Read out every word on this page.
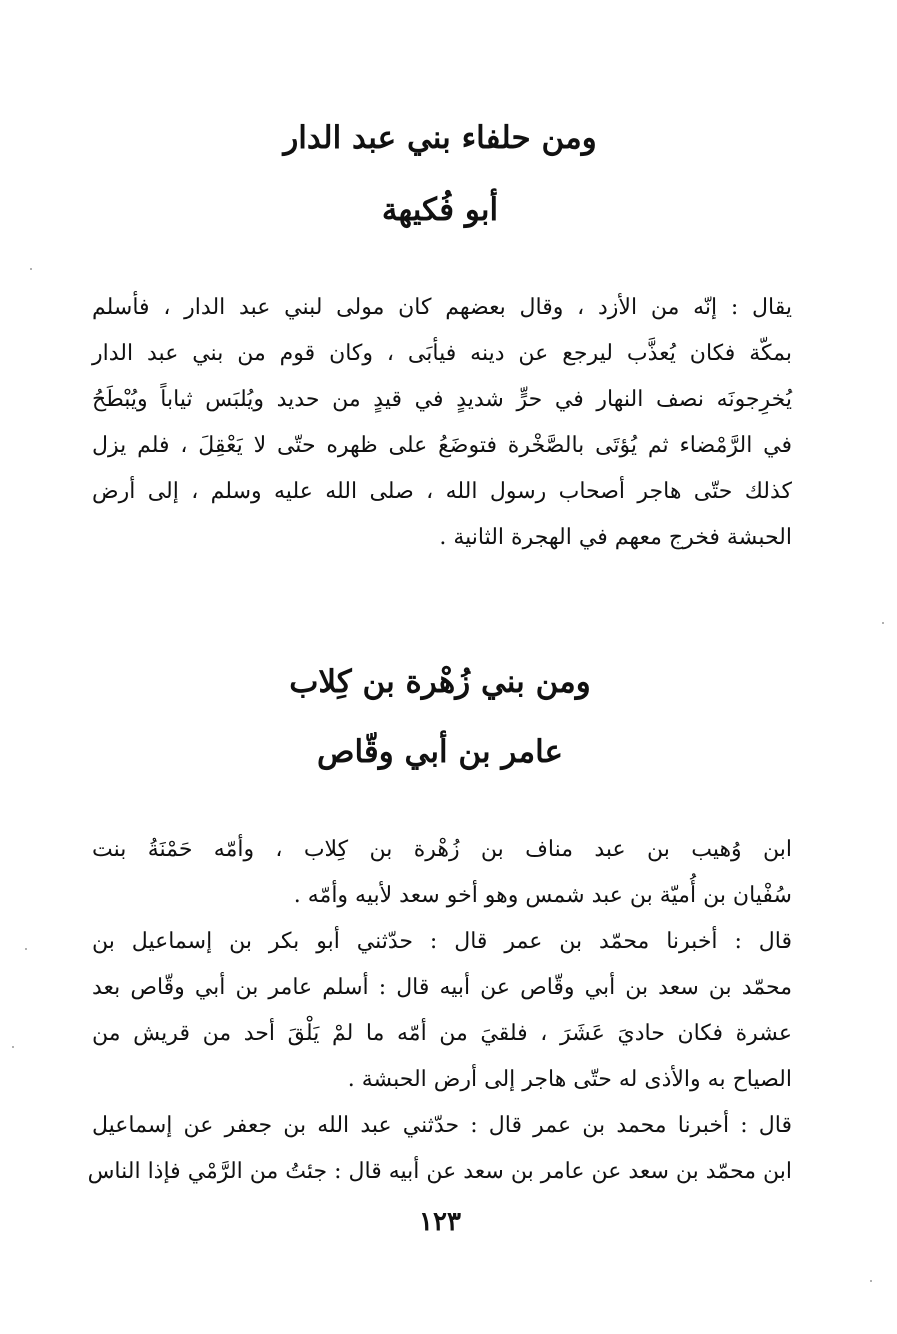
ومن حلفاء بني عبد الدار
أبو فُكيهة
يقال : إنّه من الأزد ، وقال بعضهم كان مولى لبني عبد الدار ، فأسلم
بمكّة فكان يُعذَّب ليرجع عن دينه فيأبَى ، وكان قوم من بني عبد الدار
يُخرِجونَه نصف النهار في حرٍّ شديدٍ في قيدٍ من حديد ويُلبَس ثياباً ويُبْطَحُ
في الرَّمْضاء ثم يُؤتَى بالصَّخْرة فتوضَعُ على ظهره حتّى لا يَعْقِلَ ، فلم يزل
كذلك حتّى هاجر أصحاب رسول الله ، صلى الله عليه وسلم ، إلى أرض
الحبشة فخرج معهم في الهجرة الثانية .
ومن بني زُهْرة بن كِلاب
عامر بن أبي وقّاص
ابن وُهيب بن عبد مناف بن زُهْرة بن كِلاب ، وأمّه حَمْنَةُ بنت
سُفْيان بن أُميّة بن عبد شمس وهو أخو سعد لأبيه وأمّه .
قال : أخبرنا محمّد بن عمر قال : حدّثني أبو بكر بن إسماعيل بن
محمّد بن سعد بن أبي وقّاص عن أبيه قال : أسلم عامر بن أبي وقّاص بعد
عشرة فكان حاديَ عَشَرَ ، فلقيَ من أمّه ما لمْ يَلْقَ أحد من قريش من
الصياح به والأذى له حتّى هاجر إلى أرض الحبشة .
قال : أخبرنا محمد بن عمر قال : حدّثني عبد الله بن جعفر عن إسماعيل
ابن محمّد بن سعد عن عامر بن سعد عن أبيه قال : جئتُ من الرَّمْي فإذا الناس
١٢٣
